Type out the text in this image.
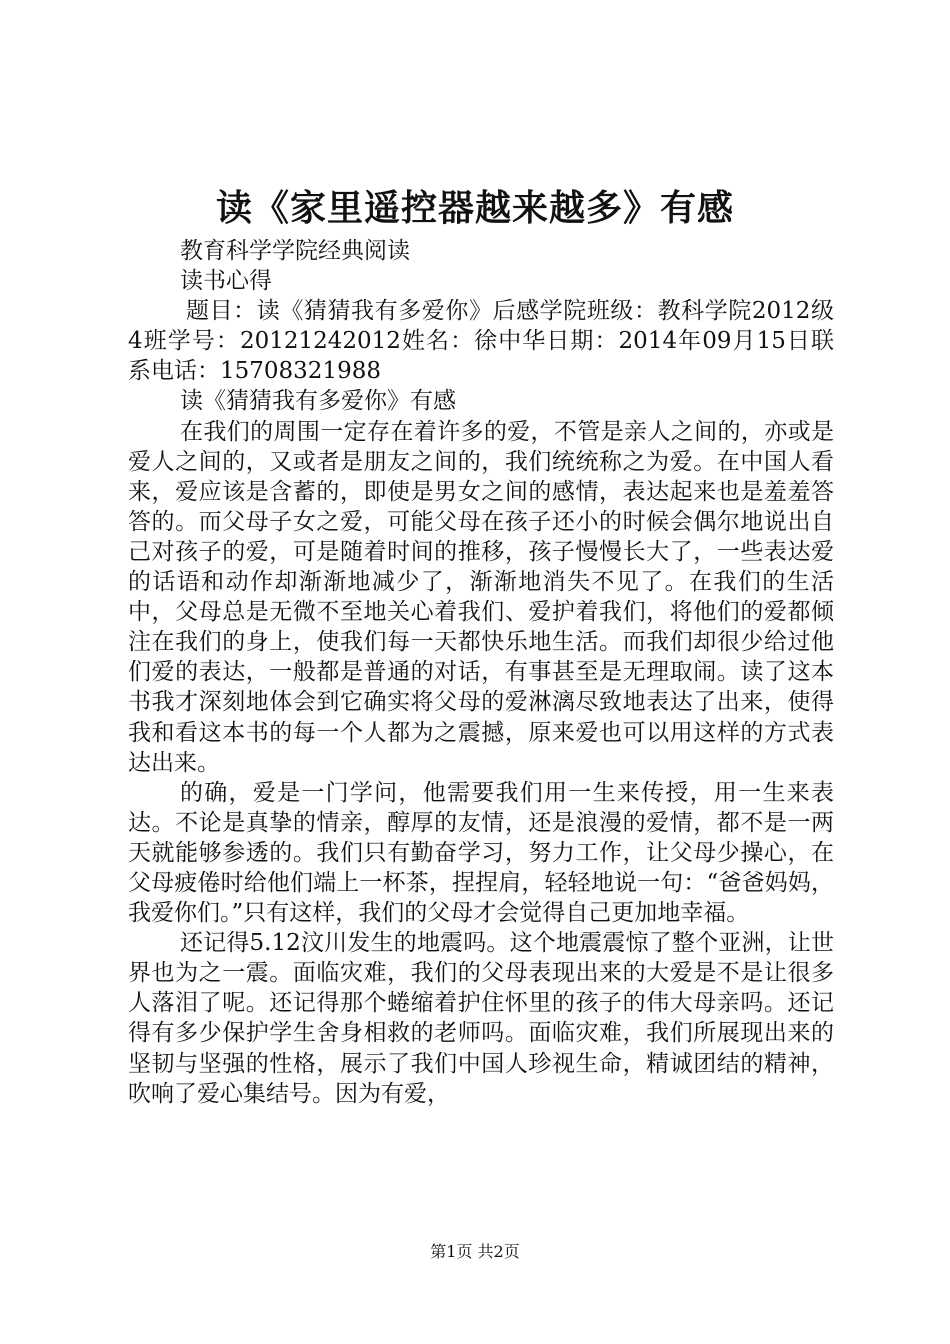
读《家里遥控器越来越多》有感

教育科学学院经典阅读

读书心得

题目：读《猜猜我有多爱你》后感学院班级：教科学院2012级4班学号：20121242012姓名：徐中华日期：2014年09月15日联系电话：15708321988

读《猜猜我有多爱你》有感

在我们的周围一定存在着许多的爱，不管是亲人之间的，亦或是爱人之间的，又或者是朋友之间的，我们统统称之为爱。在中国人看来，爱应该是含蓄的，即使是男女之间的感情，表达起来也是羞羞答答的。而父母子女之爱，可能父母在孩子还小的时候会偶尔地说出自己对孩子的爱，可是随着时间的推移，孩子慢慢长大了，一些表达爱的话语和动作却渐渐地减少了，渐渐地消失不见了。在我们的生活中，父母总是无微不至地关心着我们、爱护着我们，将他们的爱都倾注在我们的身上，使我们每一天都快乐地生活。而我们却很少给过他们爱的表达，一般都是普通的对话，有事甚至是无理取闹。读了这本书我才深刻地体会到它确实将父母的爱淋漓尽致地表达了出来，使得我和看这本书的每一个人都为之震撼，原来爱也可以用这样的方式表达出来。

的确，爱是一门学问，他需要我们用一生来传授，用一生来表达。不论是真挚的情亲，醇厚的友情，还是浪漫的爱情，都不是一两天就能够参透的。我们只有勤奋学习，努力工作，让父母少操心，在父母疲倦时给他们端上一杯茶，捏捏肩，轻轻地说一句：“爸爸妈妈，我爱你们。”只有这样，我们的父母才会觉得自己更加地幸福。

还记得5.12汶川发生的地震吗。这个地震震惊了整个亚洲，让世界也为之一震。面临灾难，我们的父母表现出来的大爱是不是让很多人落泪了呢。还记得那个蜷缩着护住怀里的孩子的伟大母亲吗。还记得有多少保护学生舍身相救的老师吗。面临灾难，我们所展现出来的坚韧与坚强的性格，展示了我们中国人珍视生命，精诚团结的精神，吹响了爱心集结号。因为有爱，

第1页 共2页
